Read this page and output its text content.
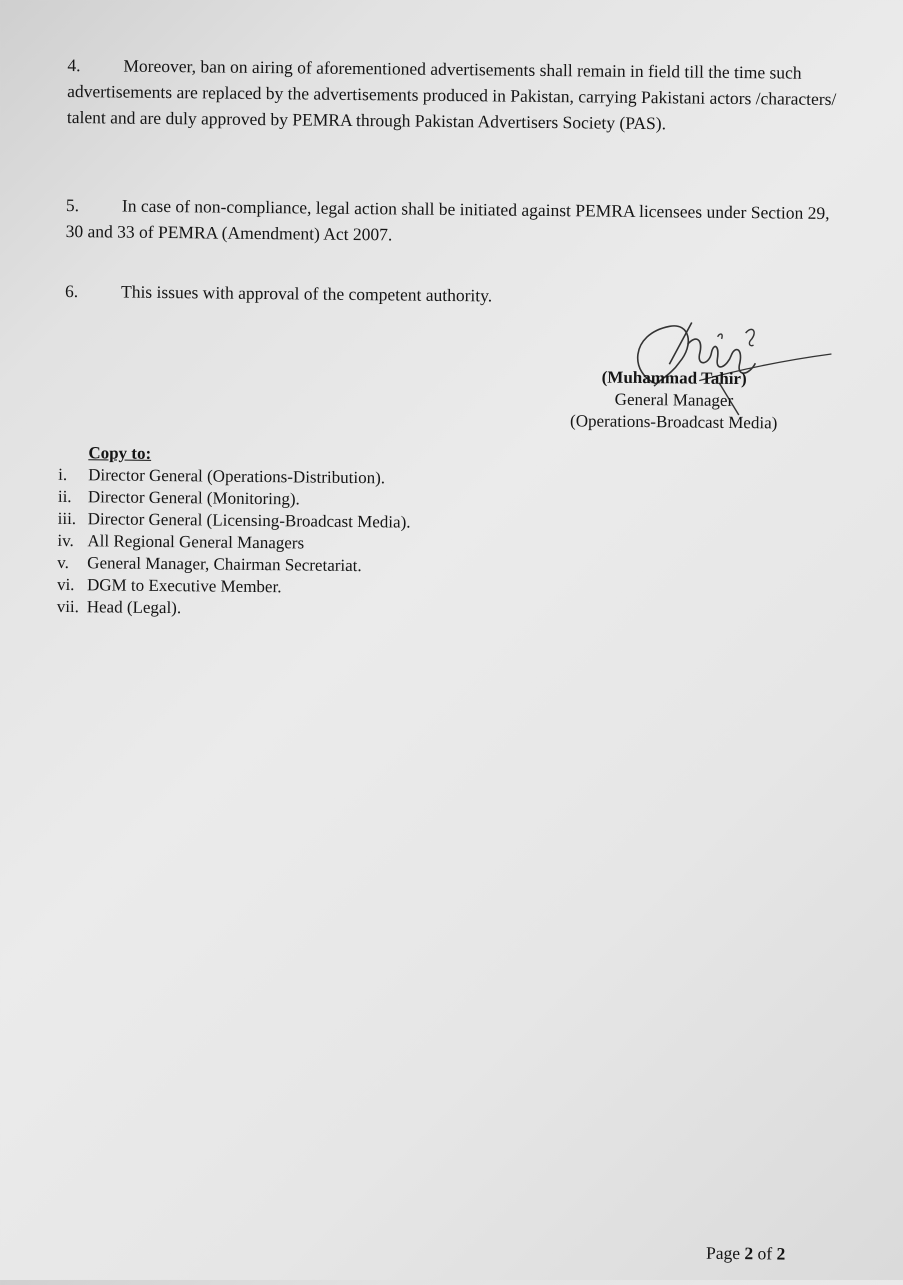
4. Moreover, ban on airing of aforementioned advertisements shall remain in field till the time such advertisements are replaced by the advertisements produced in Pakistan, carrying Pakistani actors /characters/ talent and are duly approved by PEMRA through Pakistan Advertisers Society (PAS).
5. In case of non-compliance, legal action shall be initiated against PEMRA licensees under Section 29, 30 and 33 of PEMRA (Amendment) Act 2007.
6. This issues with approval of the competent authority.
(Muhammad Tahir)
General Manager
(Operations-Broadcast Media)
Copy to:
i.	Director General (Operations-Distribution).
ii. Director General (Monitoring).
iii. Director General (Licensing-Broadcast Media).
iv. All Regional General Managers
v.	General Manager, Chairman Secretariat.
vi. DGM to Executive Member.
vii. Head (Legal).
Page 2 of 2
